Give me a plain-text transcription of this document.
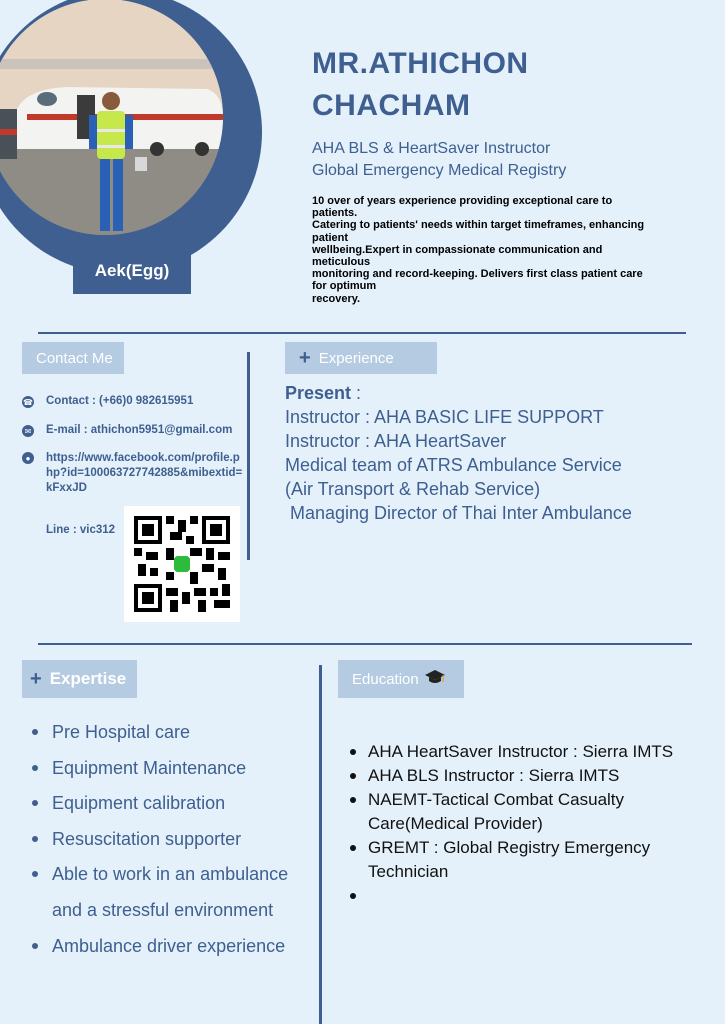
Aek(Egg)
MR.ATHICHON
CHACHAM
AHA BLS & HeartSaver Instructor
Global Emergency Medical Registry
10 over of years experience providing exceptional care to
patients.
Catering to patients' needs within target timeframes, enhancing
patient
wellbeing.Expert in compassionate communication and
meticulous
monitoring and record-keeping. Delivers first class patient care
for optimum
recovery.
Contact Me
☎ Contact : (+66)0 982615951
✉ E-mail : athichon5951@gmail.com
●	https://www.facebook.com/profile.php?id=100063727742885&mibextid=kFxxJD
Line : vic312
+ Experience
Present :
Instructor : AHA BASIC LIFE SUPPORT
Instructor : AHA HeartSaver
Medical team of ATRS Ambulance Service
(Air Transport & Rehab Service)
Managing Director of Thai Inter Ambulance
+ Expertise
Pre Hospital care
Equipment Maintenance
Equipment calibration
Resuscitation supporter
Able to work in an ambulance
and a stressful environment
Ambulance driver experience
Education
AHA HeartSaver Instructor : Sierra IMTS
AHA BLS Instructor : Sierra IMTS
NAEMT-Tactical Combat Casualty Care(Medical Provider)
GREMT : Global Registry Emergency Technician
